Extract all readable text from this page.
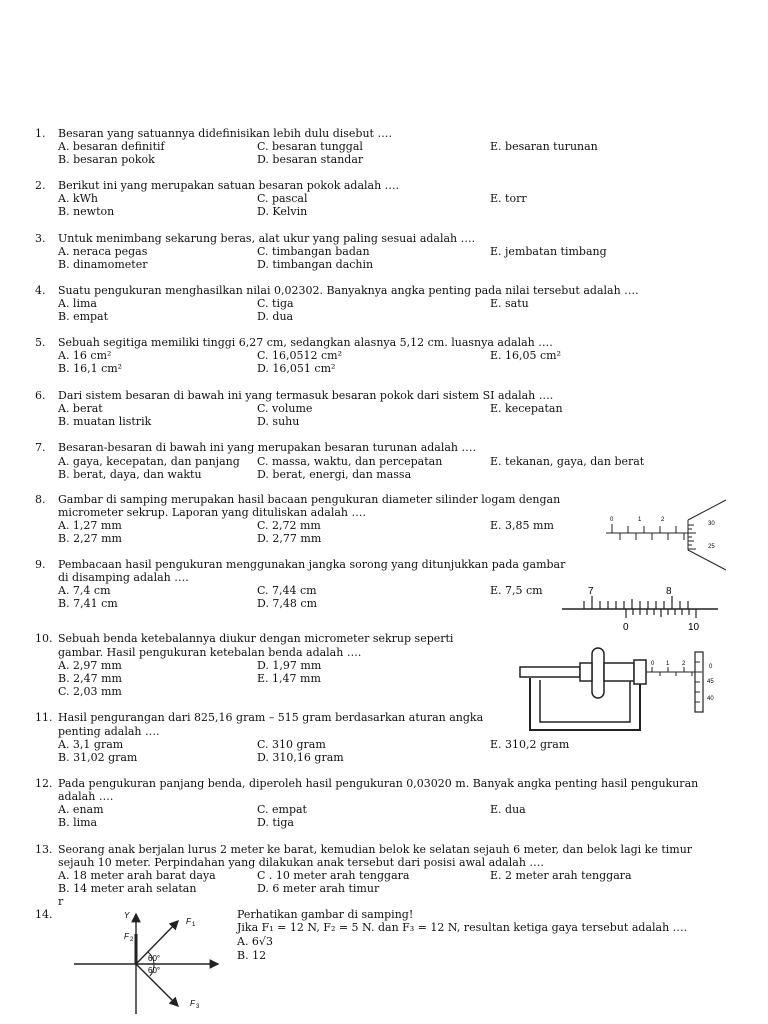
1. Besaran yang satuannya didefinisikan lebih dulu disebut ….
A. besaran definitif
B. besaran pokok
C. besaran tunggal
D. besaran standar
E. besaran turunan
2. Berikut ini yang merupakan satuan besaran pokok adalah ….
A. kWh
B. newton
C. pascal
D. Kelvin
E. torr
3. Untuk menimbang sekarung beras, alat ukur yang paling sesuai adalah ….
A. neraca pegas
B. dinamometer
C. timbangan badan
D. timbangan dachin
E. jembatan timbang
4. Suatu pengukuran menghasilkan nilai 0,02302. Banyaknya angka penting pada nilai tersebut adalah ….
A. lima
B. empat
C. tiga
D. dua
E. satu
5. Sebuah segitiga memiliki tinggi 6,27 cm, sedangkan alasnya 5,12 cm. luasnya adalah ….
A. 16 cm²
B. 16,1 cm²
C. 16,0512 cm²
D. 16,051 cm²
E. 16,05 cm²
6. Dari sistem besaran di bawah ini yang termasuk besaran pokok dari sistem SI adalah ….
A. berat
B. muatan listrik
C. volume
D. suhu
E. kecepatan
7. Besaran-besaran di bawah ini yang merupakan besaran turunan adalah ….
A. gaya, kecepatan, dan panjang
B. berat, daya, dan waktu
C. massa, waktu, dan percepatan
D. berat, energi, dan massa
E. tekanan, gaya, dan berat
8. Gambar di samping merupakan hasil bacaan pengukuran diameter silinder logam dengan
micrometer sekrup. Laporan yang dituliskan adalah ….
A. 1,27 mm
B. 2,27 mm
C. 2,72 mm
D. 2,77 mm
E. 3,85 mm
9. Pembacaan hasil pengukuran menggunakan jangka sorong yang ditunjukkan pada gambar
di disamping adalah ….
A. 7,4 cm
B. 7,41 cm
C. 7,44 cm
D. 7,48 cm
E. 7,5 cm
10. Sebuah benda ketebalannya diukur dengan micrometer sekrup seperti
gambar. Hasil pengukuran ketebalan benda adalah ….
A. 2,97 mm
B. 2,47 mm
D. 1,97 mm
E. 1,47 mm
C. 2,03 mm
11. Hasil pengurangan dari 825,16 gram – 515 gram berdasarkan aturan angka
penting adalah ….
A. 3,1 gram
B. 31,02 gram
C. 310 gram
D. 310,16 gram
E. 310,2 gram
12. Pada pengukuran panjang benda, diperoleh hasil pengukuran 0,03020 m. Banyak angka penting hasil pengukuran
adalah ….
A. enam
B. lima
C. empat
D. tiga
E. dua
13. Seorang anak berjalan lurus 2 meter ke barat, kemudian belok ke selatan sejauh 6 meter, dan belok lagi ke timur
sejauh 10 meter. Perpindahan yang dilakukan anak tersebut dari posisi awal adalah ….
A. 18 meter arah barat daya
B. 14 meter arah selatan
C . 10 meter arah tenggara
D. 6 meter arah timur
E. 2 meter arah tenggara
r
14.	Perhatikan gambar di samping!
Jika F₁ = 12 N, F₂ = 5 N. dan F₃ = 12 N, resultan ketiga gaya tersebut adalah ….
A. 6√3
B. 12
0	1	2
30
25
7	8
0	10
0 1 2	0
45
40
Y
F 1
F 2
F 3
60°
60°
